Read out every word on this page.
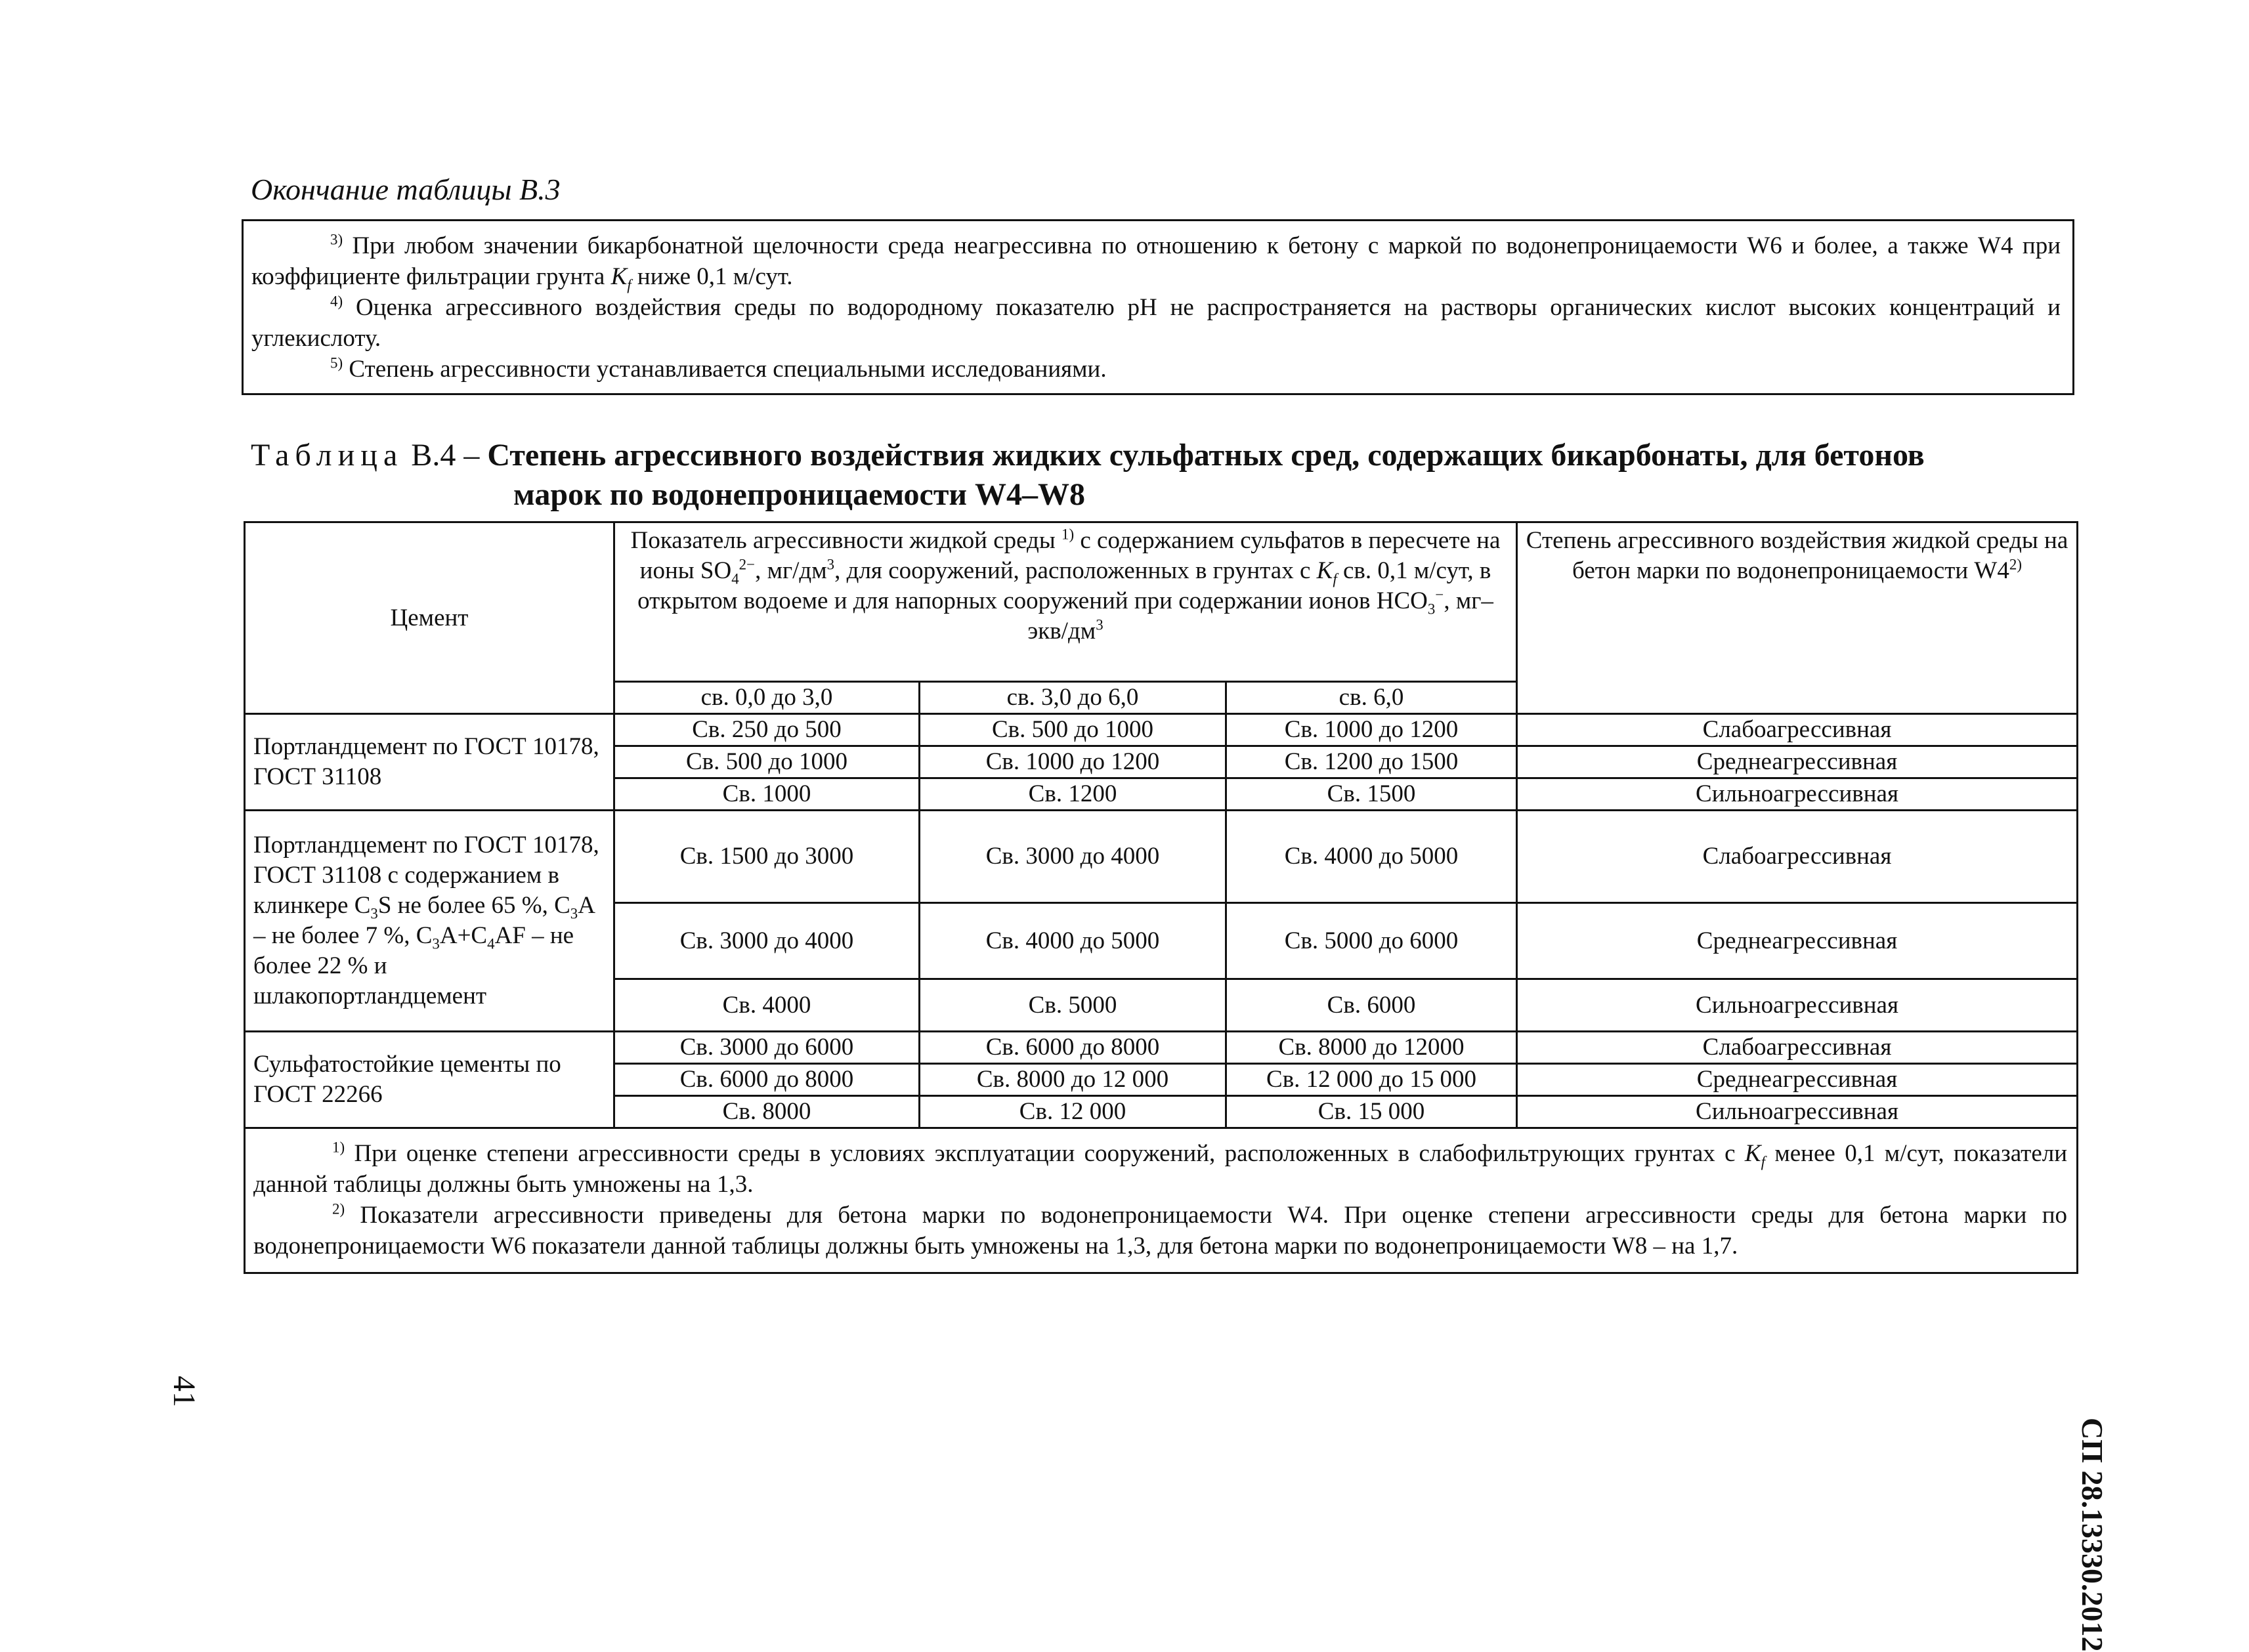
Окончание таблицы В.3

$^{3)}$ При любом значении бикарбонатной щелочности среда неагрессивна по отношению к бетону с маркой по водонепроницаемости W6 и более, а также W4 при коэффициенте фильтрации грунта $K_f$ ниже 0,1 м/сут.

$^{4)}$ Оценка агрессивного воздействия среды по водородному показателю pH не распространяется на растворы органических кислот высоких концентраций и углекислоту.

$^{5)}$ Степень агрессивности устанавливается специальными исследованиями.

Таблица В.4 – Степень агрессивного воздействия жидких сульфатных сред, содержащих бикарбонаты, для бетонов
марок по водонепроницаемости W4–W8
Цемент	Показатель агрессивности жидкой среды $^{1)}$ с содержанием сульфатов в пересчете на ионы $SO_4^{2-}$, $мг/дм^3$, для сооружений, расположенных в грунтах с $K_f$ св. 0,1 м/сут, в открытом водоеме и для напорных сооружений при содержании ионов $HCO_3^-$, $мг-экв/дм^3$			Степень агрессивного воздействия жидкой среды на бетон марки по водонепроницаемости W4$^{2)}$
	св. 0,0 до 3,0	св. 3,0 до 6,0	св. 6,0	
Портландцемент по ГОСТ 10178, ГОСТ 31108	Св. 250 до 500	Св. 500 до 1000	Св. 1000 до 1200	Слабоагрессивная
	Св. 500 до 1000	Св. 1000 до 1200	Св. 1200 до 1500	Среднеагрессивная
	Св. 1000	Св. 1200	Св. 1500	Сильноагрессивная
Портландцемент по ГОСТ 10178, ГОСТ 31108 с содержанием в клинкере $C_3S$ не более 65 %, $C_3A$ – не более 7 %, $C_3A+C_4AF$ – не более 22 % и шлакопортландцемент	Св. 1500 до 3000	Св. 3000 до 4000	Св. 4000 до 5000	Слабоагрессивная
	Св. 3000 до 4000	Св. 4000 до 5000	Св. 5000 до 6000	Среднеагрессивная
	Св. 4000	Св. 5000	Св. 6000	Сильноагрессивная
Сульфатостойкие цементы по ГОСТ 22266	Св. 3000 до 6000	Св. 6000 до 8000	Св. 8000 до 12000	Слабоагрессивная
	Св. 6000 до 8000	Св. 8000 до 12 000	Св. 12 000 до 15 000	Среднеагрессивная
	Св. 8000	Св. 12 000	Св. 15 000	Сильноагрессивная

$^{1)}$ При оценке степени агрессивности среды в условиях эксплуатации сооружений, расположенных в слабофильтрующих грунтах с $K_f$ менее 0,1 м/сут, показатели данной таблицы должны быть умножены на 1,3.

$^{2)}$ Показатели агрессивности приведены для бетона марки по водонепроницаемости W4. При оценке степени агрессивности среды для бетона марки по водонепроницаемости W6 показатели данной таблицы должны быть умножены на 1,3, для бетона марки по водонепроницаемости W8 – на 1,7.				

СП 28.13330.2012
41
